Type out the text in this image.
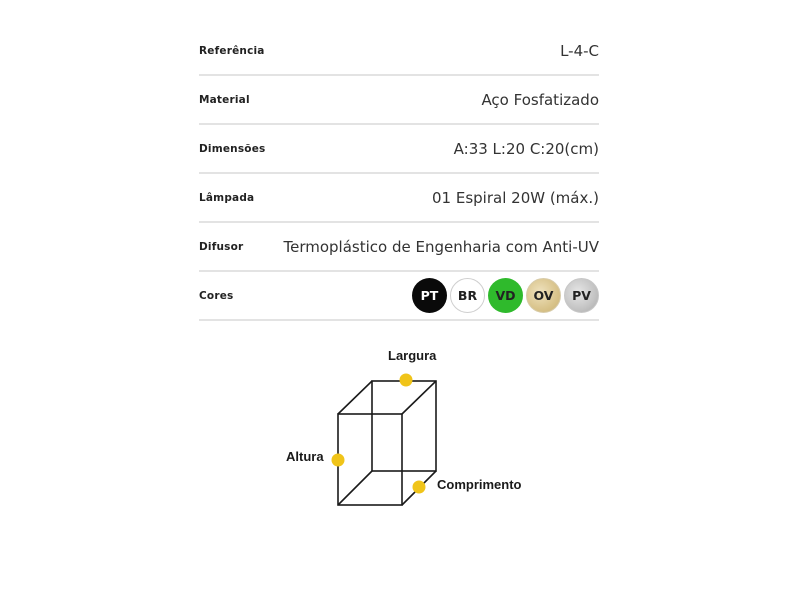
Referência	L-4-C
Material	Aço Fosfatizado
Dimensões	A:33 L:20 C:20(cm)
Lâmpada	01 Espiral 20W (máx.)
Difusor	Termoplástico de Engenharia com Anti-UV
Cores	PT BR VD OV PV
Largura
Altura
Comprimento
